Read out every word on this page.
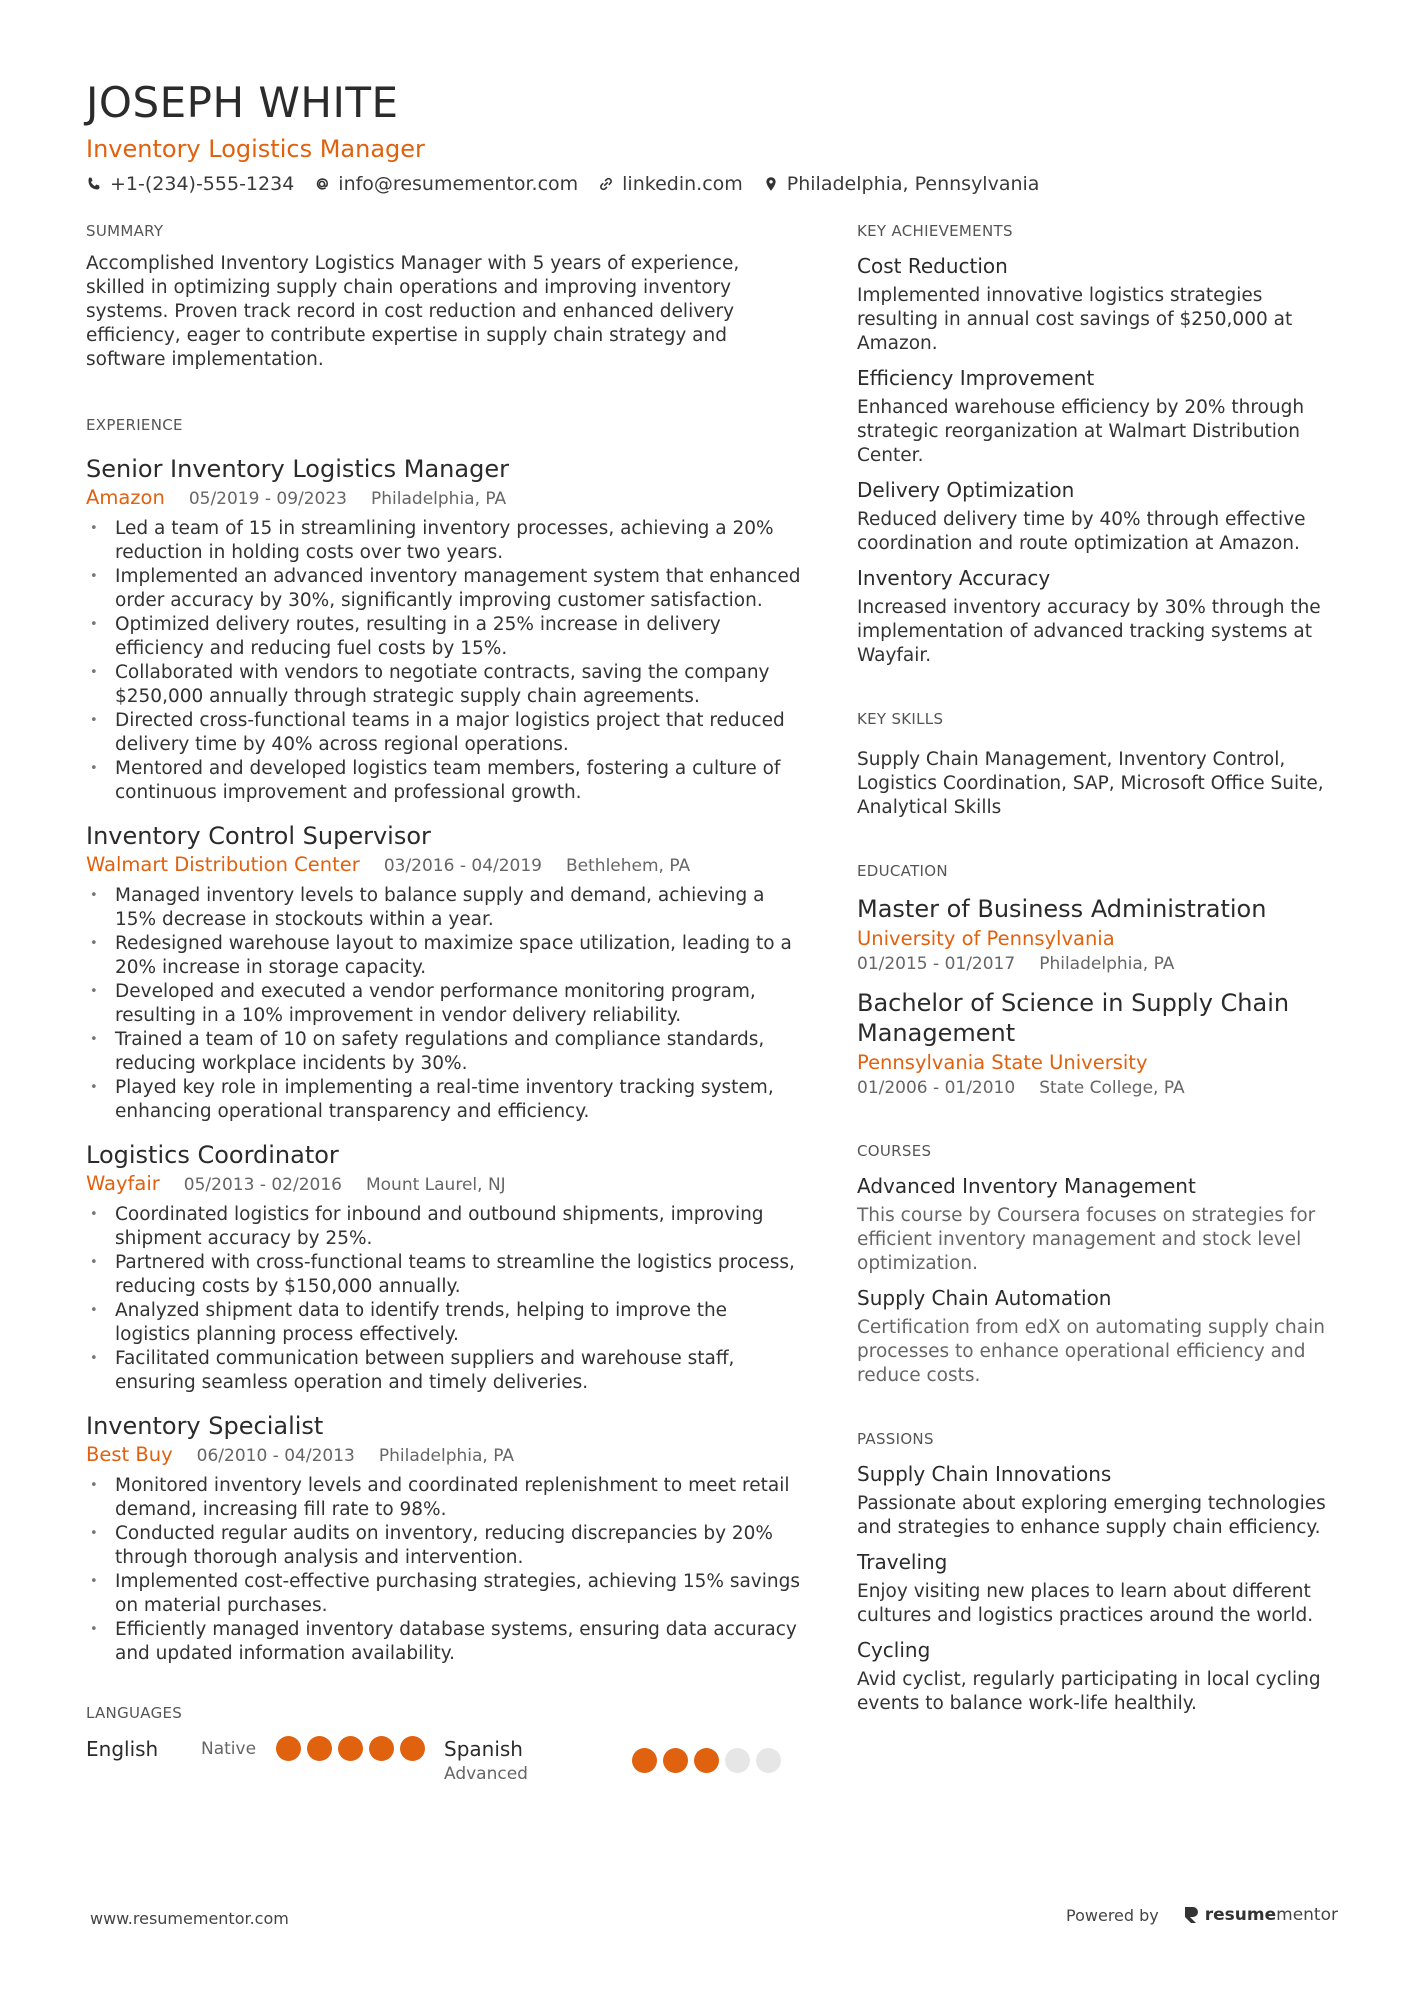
JOSEPH WHITE
Inventory Logistics Manager
+1-(234)-555-1234 info@resumementor.com linkedin.com Philadelphia, Pennsylvania
SUMMARY
Accomplished Inventory Logistics Manager with 5 years of experience, skilled in optimizing supply chain operations and improving inventory systems. Proven track record in cost reduction and enhanced delivery efficiency, eager to contribute expertise in supply chain strategy and software implementation.
EXPERIENCE
Senior Inventory Logistics Manager
Amazon 05/2019 - 09/2023 Philadelphia, PA
• Led a team of 15 in streamlining inventory processes, achieving a 20% reduction in holding costs over two years.
• Implemented an advanced inventory management system that enhanced order accuracy by 30%, significantly improving customer satisfaction.
• Optimized delivery routes, resulting in a 25% increase in delivery efficiency and reducing fuel costs by 15%.
• Collaborated with vendors to negotiate contracts, saving the company $250,000 annually through strategic supply chain agreements.
• Directed cross-functional teams in a major logistics project that reduced delivery time by 40% across regional operations.
• Mentored and developed logistics team members, fostering a culture of continuous improvement and professional growth.
Inventory Control Supervisor
Walmart Distribution Center 03/2016 - 04/2019 Bethlehem, PA
• Managed inventory levels to balance supply and demand, achieving a 15% decrease in stockouts within a year.
• Redesigned warehouse layout to maximize space utilization, leading to a 20% increase in storage capacity.
• Developed and executed a vendor performance monitoring program, resulting in a 10% improvement in vendor delivery reliability.
• Trained a team of 10 on safety regulations and compliance standards, reducing workplace incidents by 30%.
• Played key role in implementing a real-time inventory tracking system, enhancing operational transparency and efficiency.
Logistics Coordinator
Wayfair 05/2013 - 02/2016 Mount Laurel, NJ
• Coordinated logistics for inbound and outbound shipments, improving shipment accuracy by 25%.
• Partnered with cross-functional teams to streamline the logistics process, reducing costs by $150,000 annually.
• Analyzed shipment data to identify trends, helping to improve the logistics planning process effectively.
• Facilitated communication between suppliers and warehouse staff, ensuring seamless operation and timely deliveries.
Inventory Specialist
Best Buy 06/2010 - 04/2013 Philadelphia, PA
• Monitored inventory levels and coordinated replenishment to meet retail demand, increasing fill rate to 98%.
• Conducted regular audits on inventory, reducing discrepancies by 20% through thorough analysis and intervention.
• Implemented cost-effective purchasing strategies, achieving 15% savings on material purchases.
• Efficiently managed inventory database systems, ensuring data accuracy and updated information availability.
LANGUAGES
English	Native	Spanish
Advanced
KEY ACHIEVEMENTS
Cost Reduction
Implemented innovative logistics strategies resulting in annual cost savings of $250,000 at Amazon.
Efficiency Improvement
Enhanced warehouse efficiency by 20% through strategic reorganization at Walmart Distribution Center.
Delivery Optimization
Reduced delivery time by 40% through effective coordination and route optimization at Amazon.
Inventory Accuracy
Increased inventory accuracy by 30% through the implementation of advanced tracking systems at Wayfair.
KEY SKILLS
Supply Chain Management, Inventory Control, Logistics Coordination, SAP, Microsoft Office Suite, Analytical Skills
EDUCATION
Master of Business Administration
University of Pennsylvania
01/2015 - 01/2017 Philadelphia, PA
Bachelor of Science in Supply Chain Management
Pennsylvania State University
01/2006 - 01/2010 State College, PA
COURSES
Advanced Inventory Management
This course by Coursera focuses on strategies for efficient inventory management and stock level optimization.
Supply Chain Automation
Certification from edX on automating supply chain processes to enhance operational efficiency and reduce costs.
PASSIONS
Supply Chain Innovations
Passionate about exploring emerging technologies and strategies to enhance supply chain efficiency.
Traveling
Enjoy visiting new places to learn about different cultures and logistics practices around the world.
Cycling
Avid cyclist, regularly participating in local cycling events to balance work-life healthily.
www.resumementor.com	Powered by	resumementor
